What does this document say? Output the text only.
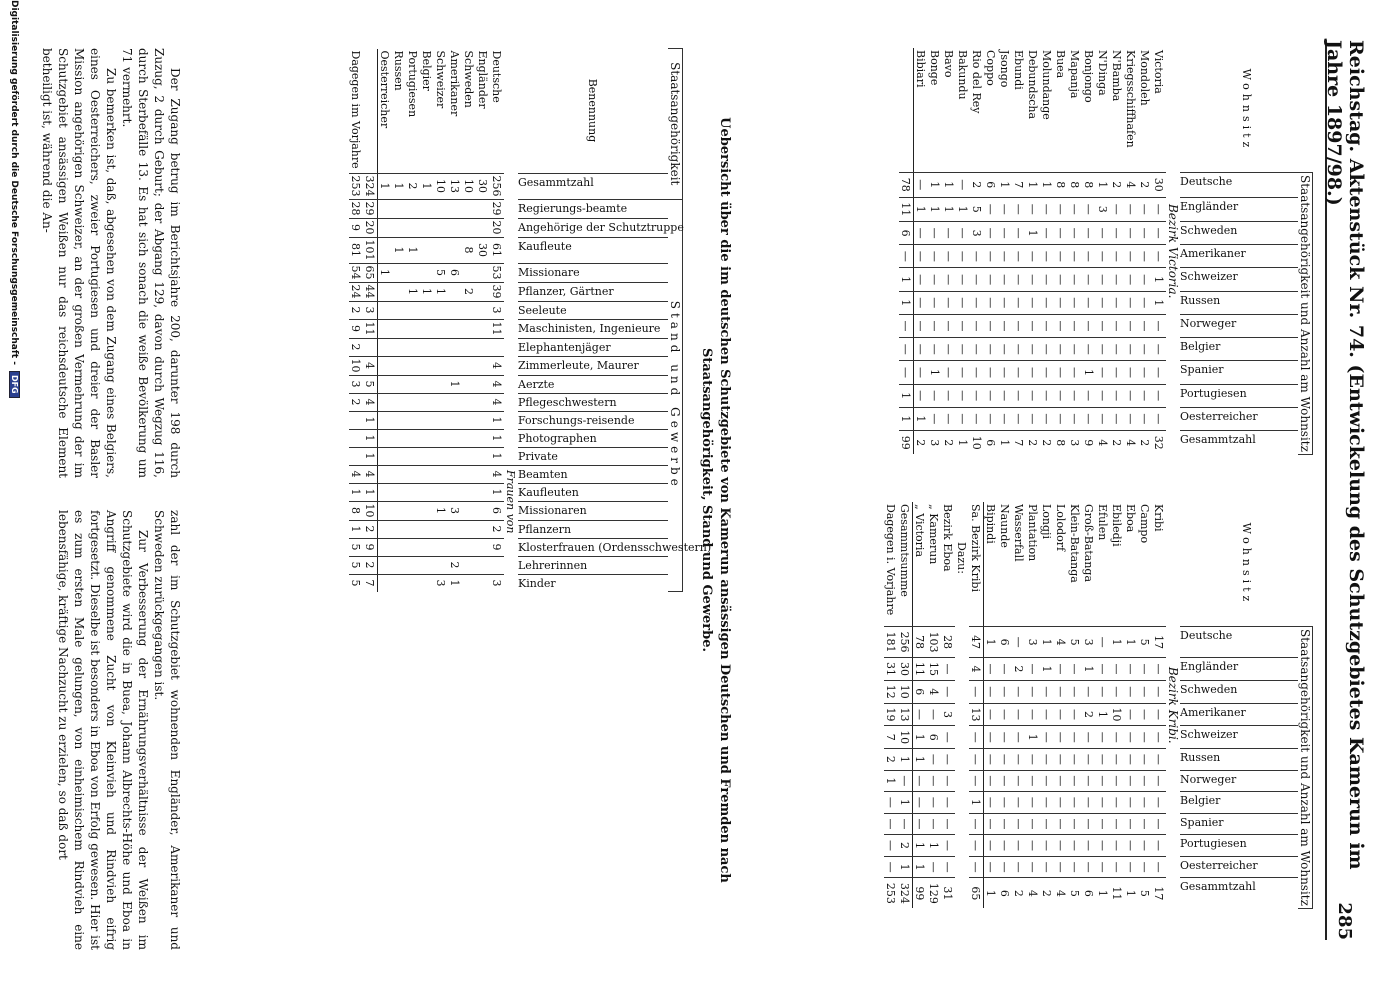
Reichstag. Aktenstück Nr. 74. (Entwickelung des Schutzgebietes Kamerun im Jahre 1897/98.)
285
Wohnsitz	Staatsangehörigkeit und Anzahl am Wohnsitz											

	Deutsche	Engländer	Schweden	Amerikaner	Schweizer	Russen	Norweger	Belgier	Spanier	Portugiesen	Oesterreicher	Gesammtzahl

Bezirk Victoria.												
Victoria	30	—	—	—	1	1	—	—	—	—	—	32
Mondoleh	2	—	—	—	—	—	—	—	—	—	—	2
Kriegsschiffhafen	4	—	—	—	—	—	—	—	—	—	—	4
N'Bamba	2	—	—	—	—	—	—	—	—	—	—	2
N'Dinga	1	3	—	—	—	—	—	—	—	—	—	4
Bonjongo	8	—	—	—	—	—	—	—	1	—	—	9
Mapanja	8	—	—	—	—	—	—	—	—	—	—	3
Buea	8	—	—	—	—	—	—	—	—	—	—	8
Molundange	1	—	—	—	—	—	—	—	—	—	—	2
Debundscha	1	—	1	—	—	—	—	—	—	—	—	2
Ebundi	7	—	—	—	—	—	—	—	—	—	—	7
Jsongo	1	—	—	—	—	—	—	—	—	—	—	1
Coppo	6	—	—	—	—	—	—	—	—	—	—	6
Rio del Rey	2	5	3	—	—	—	—	—	—	—	—	10
Bakundu	—	1	—	—	—	—	—	—	—	—	—	1
Bavo	1	1	—	—	—	—	—	—	—	—	—	2
Bonge	1	1	—	—	—	—	—	—	1	—	—	3
Bibiari	—	1	—	—	—	—	—	—	—	—	1	2
	78	11	6	—	1	1	—	—	—	1	1	99
Wohnsitz	Staatsangehörigkeit und Anzahl am Wohnsitz											

	Deutsche	Engländer	Schweden	Amerikaner	Schweizer	Russen	Norweger	Belgier	Spanier	Portugiesen	Oesterreicher	Gesammtzahl

Bezirk Kribi.												
Kribi	17	—	—	—	—	—	—	—	—	—	—	17
Campo	5	—	—	—	—	—	—	—	—	—	—	5
Eboa	1	—	—	—	—	—	—	—	—	—	—	1
Ebiledji	1	—	—	10	—	—	—	—	—	—	—	11
Efulen	—	—	—	1	—	—	—	—	—	—	—	1
Groß-Batanga	3	1	—	2	—	—	—	—	—	—	—	6
Klein-Batanga	5	—	—	—	—	—	—	—	—	—	—	5
Lolodorf	4	—	—	—	—	—	—	—	—	—	—	4
Longji	1	1	—	—	—	—	—	—	—	—	—	2
Plantation	3	—	—	—	1	—	—	—	—	—	—	4
Wasserfall	—	2	—	—	—	—	—	—	—	—	—	2
Naunde	6	—	—	—	—	—	—	—	—	—	—	6
Bipindi	1	—	—	—	—	—	—	—	—	—	—	1
Sa. Bezirk Kribi	47	4	—	13	—	—	—	1	—	—	—	65
Dazu:												
Bezirk Eboa	28	—	—	3	—	—	—	—	—	—	—	31
„ Kamerun	103	15	4	—	6	—	—	—	—	1	—	129
„ Victoria	78	11	6	—	1	1	—	—	—	1	1	99
Gesammtsumme	256	30	10	13	10	1	—	1	—	2	1	324
Dagegen i. Vorjahre	181	31	12	19	7	2	1	—	—	—	—	253
Uebersicht über die im deutschen Schutzgebiete von Kamerun ansässigen Deutschen und Fremden nach Staatsangehörigkeit, Stand und Gewerbe.
Staatsangehörigkeit		Stand und Gewerbe																				
Benennung	Gesammtzahl	Regierungs-beamte	Angehörige der Schutztruppe	Kaufleute	Missionare	Pflanzer, Gärtner	Seeleute	Maschinisten, Ingenieure	Elephantenjäger	Zimmerleute, Maurer	Aerzte	Pflegeschwestern	Forschungs-reisende	Photographen	Private	Beamten	Kaufleuten	Missionaren	Pflanzern	Klosterfrauen (Ordensschwestern)	Lehrerinnen	Kinder

																Frauen von						
Deutsche	256	29	20	61	53	39	3	11		4	4	4	1	1	1	4	1	6	2	9		3
Engländer	30			30																		
Schweden	10			8		2																
Amerikaner	13				6						1							3			2	1
Schweizer	10				5	1												1				3
Belgier	1					1																
Portugiesen	2			1		1																
Russen	1			1																		
Oesterreicher	1				1																	
	324	29	20	101	65	44	3	11		4	5	4	1	1	1	4	1	10	2	9	2	7
Dagegen im Vorjahre	253	28	9	81	54	24	2	9	2	10	3	2				4	1	8	1	5	5	5

Der Zugang betrug im Berichtsjahre 200, darunter 198 durch Zuzug, 2 durch Geburt; der Abgang 129, davon durch Wegzug 116, durch Sterbefälle 13. Es hat sich sonach die weiße Bevölkerung um 71 vermehrt.

Zu bemerken ist, daß, abgesehen von dem Zugang eines Belgiers, eines Oesterreichers, zweier Portugiesen und dreier der Basler Mission angehörigen Schweizer, an der großen Vermehrung der im Schutzgebiet ansässigen Weißen nur das reichsdeutsche Element betheiligt ist, während die An-

zahl der im Schutzgebiet wohnenden Engländer, Amerikaner und Schweden zurückgegangen ist.

Zur Verbesserung der Ernährungsverhältnisse der Weißen im Schutzgebiete wird die in Buea, Johann Albrechts-Höhe und Eboa in Angriff genommene Zucht von Kleinvieh und Rindvieh eifrig fortgesetzt. Dieselbe ist besonders in Eboa von Erfolg gewesen. Hier ist es zum ersten Male gelungen, von einheimischem Rindvieh eine lebensfähige, kräftige Nachzucht zu erzielen, so daß dort

Digitalisierung gefördert durch die Deutsche Forschungsgemeinschaft -
DFG
